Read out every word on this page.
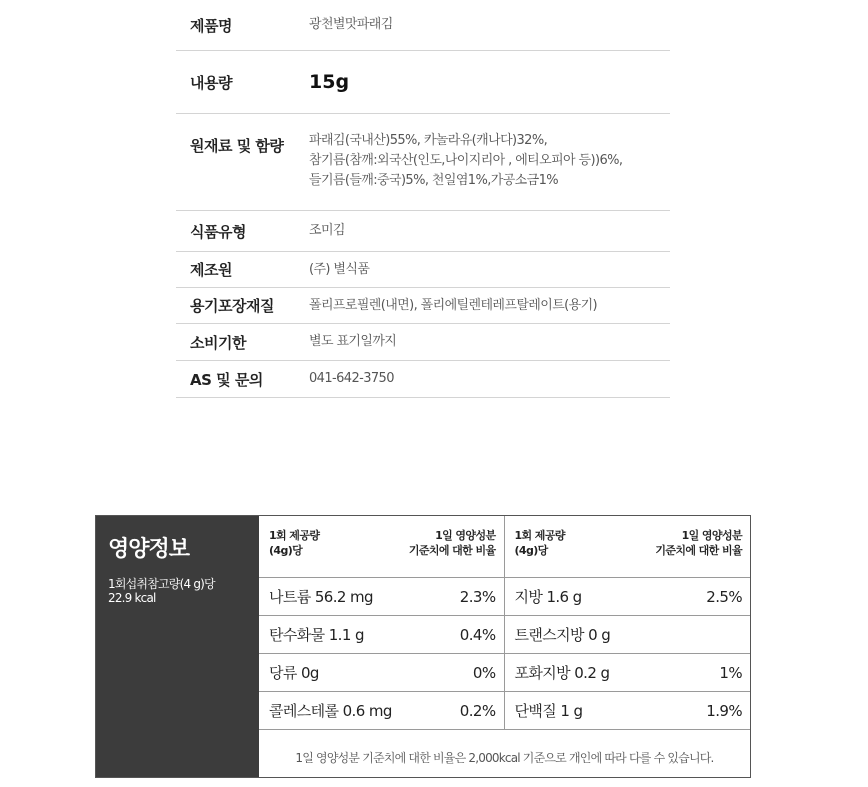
제품명	광천별맛파래김
내용량	15g
원재료 및 함량	파래김(국내산)55%, 카놀라유(캐나다)32%,
참기름(참깨:외국산(인도,나이지리아 , 에티오피아 등))6%,
들기름(들깨:중국)5%, 천일염1%,가공소금1%
식품유형	조미김
제조원	(주) 별식품
용기포장재질	폴리프로필렌(내면), 폴리에틸렌테레프탈레이트(용기)
소비기한	별도 표기일까지
AS 및 문의	041-642-3750
영양정보
1회섭취참고량(4 g)당
22.9 kcal
1회 제공량
(4g)당
1일 영양성분
기준치에 대한 비율
1회 제공량
(4g)당
1일 영양성분
기준치에 대한 비율
나트륨 56.2 mg	2.3% 지방 1.6 g	2.5%
탄수화물 1.1 g	0.4% 트랜스지방 0 g
당류 0g	0% 포화지방 0.2 g	1%
콜레스테롤 0.6 mg	0.2% 단백질 1 g	1.9%
1일 영양성분 기준치에 대한 비율은 2,000kcal 기준으로 개인에 따라 다를 수 있습니다.
